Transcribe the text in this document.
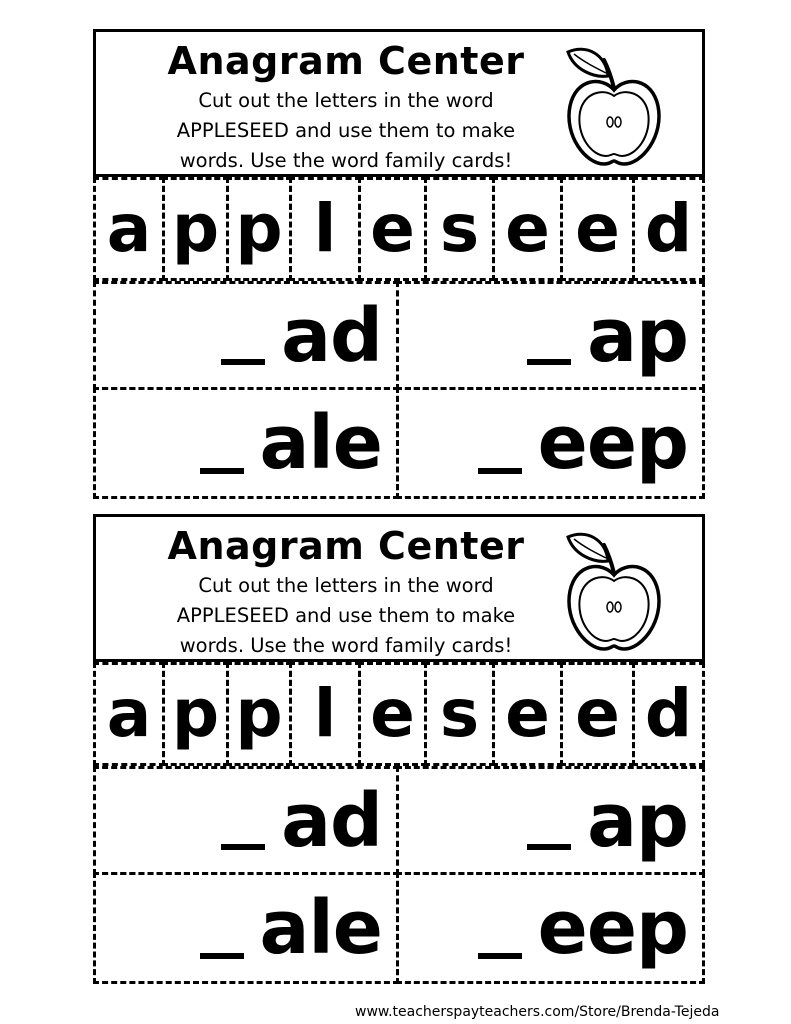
Anagram Center
Cut out the letters in the word
APPLESEED and use them to make
words. Use the word family cards!
a p p l e s e e d
ad	ap
ale eep
Anagram Center
Cut out the letters in the word
APPLESEED and use them to make
words. Use the word family cards!
a p p l e s e e d
ad	ap
ale eep
www.teacherspayteachers.com/Store/Brenda-Tejeda
